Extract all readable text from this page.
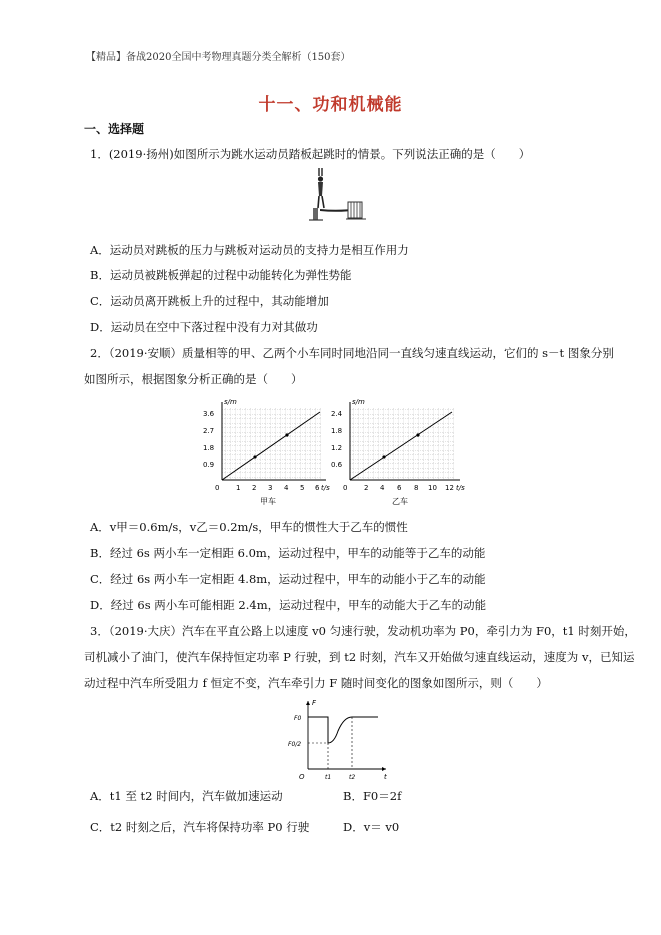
【精品】备战2020全国中考物理真题分类全解析（150套）
十一、功和机械能
一、选择题
1．(2019·扬州)如图所示为跳水运动员踏板起跳时的情景。下列说法正确的是（　　）
A．运动员对跳板的压力与跳板对运动员的支持力是相互作用力
B．运动员被跳板弹起的过程中动能转化为弹性势能
C．运动员离开跳板上升的过程中，其动能增加
D．运动员在空中下落过程中没有力对其做功
2．（2019·安顺）质量相等的甲、乙两个小车同时同地沿同一直线匀速直线运动，它们的 s－t 图象分别
如图所示，根据图象分析正确的是（　　）
s/m
3.6
2.7
1.8
0.9
0 1 2 3 4 5 6 t/s
甲车
s/m
2.4
1.8
1.2
0.6
0 2 4 6 8 10 12 t/s
乙车
A．v甲＝0.6m/s，v乙＝0.2m/s，甲车的惯性大于乙车的惯性
B．经过 6s 两小车一定相距 6.0m，运动过程中，甲车的动能等于乙车的动能
C．经过 6s 两小车一定相距 4.8m，运动过程中，甲车的动能小于乙车的动能
D．经过 6s 两小车可能相距 2.4m，运动过程中，甲车的动能大于乙车的动能
3．（2019·大庆）汽车在平直公路上以速度 v0 匀速行驶，发动机功率为 P0，牵引力为 F0，t1 时刻开始，
司机减小了油门，使汽车保持恒定功率 P 行驶，到 t2 时刻，汽车又开始做匀速直线运动，速度为 v，已知运
动过程中汽车所受阻力 f 恒定不变，汽车牵引力 F 随时间变化的图象如图所示，则（　　）
F
t
O
F0
F0/2
t1	t2
A．t1 至 t2 时间内，汽车做加速运动	B．F0＝2f
C．t2 时刻之后，汽车将保持功率 P0 行驶	D．v＝ v0
